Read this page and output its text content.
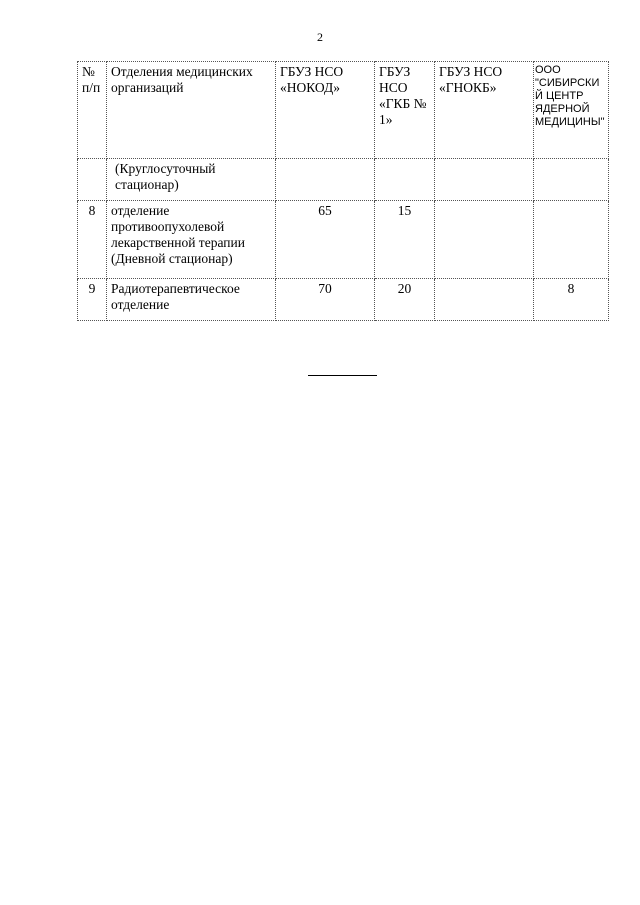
2
№ п/п	Отделения медицинских организаций	ГБУЗ НСО «НОКОД»	ГБУЗ НСО «ГКБ № 1»	ГБУЗ НСО «ГНОКБ»	ООО "СИБИРСКИЙ ЦЕНТР ЯДЕРНОЙ МЕДИЦИНЫ"
	(Круглосуточный стационар)				
8	отделение противоопухолевой лекарственной терапии (Дневной стационар)	65	15		
9	Радиотерапевтическое отделение	70	20		8
